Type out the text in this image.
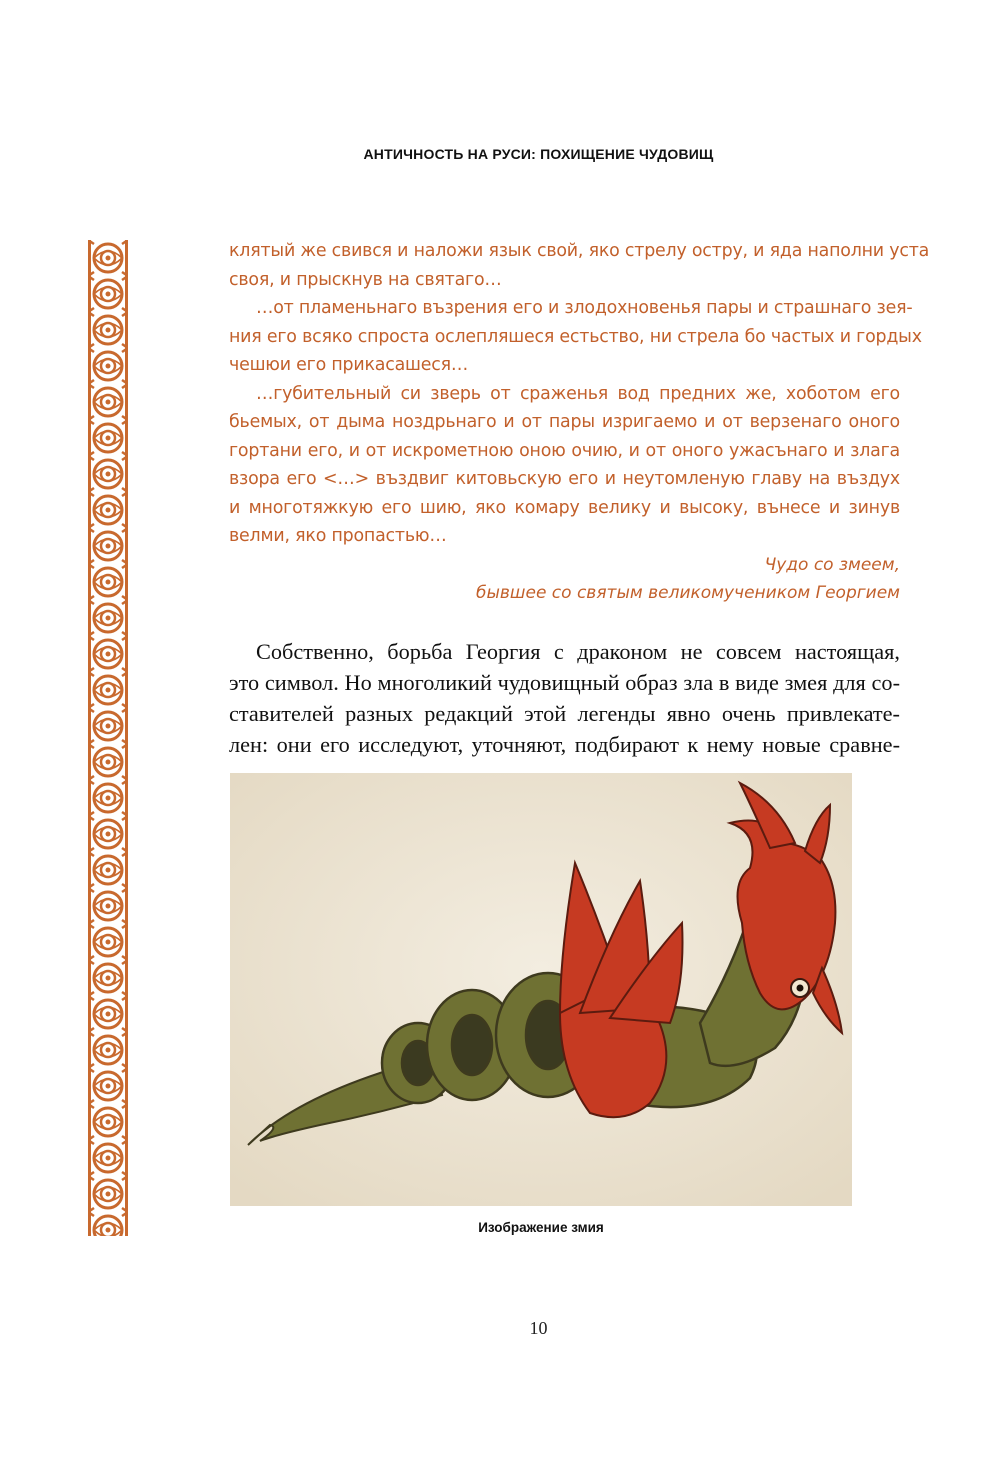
АНТИЧНОСТЬ НА РУСИ: ПОХИЩЕНИЕ ЧУДОВИЩ

клятый же свився и наложи язык свой, яко стрелу остру, и яда наполни уста
своя, и прыскнув на святаго…

…от пламеньнаго възрения его и злодохновенья пары и страшнаго зея-
ния его всяко спроста ослепляшеся естьство, ни стрела бо частых и гордых
чешюи его прикасашеся…

…губительный си зверь от сраженья вод предних же, хоботом его
бьемых, от дыма ноздрьнаго и от пары изригаемо и от верзенаго оного
гортани его, и от искрометною оною очию, и от оного ужасънаго и злага
взора его <…> въздвиг китовьскую его и неутомленую главу на въздух
и многотяжкую его шию, яко комару велику и высоку, вънесе и зинув
велми, яко пропастью…

Чудо со змеем,
бывшее со святым великомучеником Георгием
Собственно, борьба Георгия с драконом не совсем настоящая,
это символ. Но многоликий чудовищный образ зла в виде змея для со-
ставителей разных редакций этой легенды явно очень привлекате-
лен: они его исследуют, уточняют, подбирают к нему новые сравне-
Изображение змия
10
